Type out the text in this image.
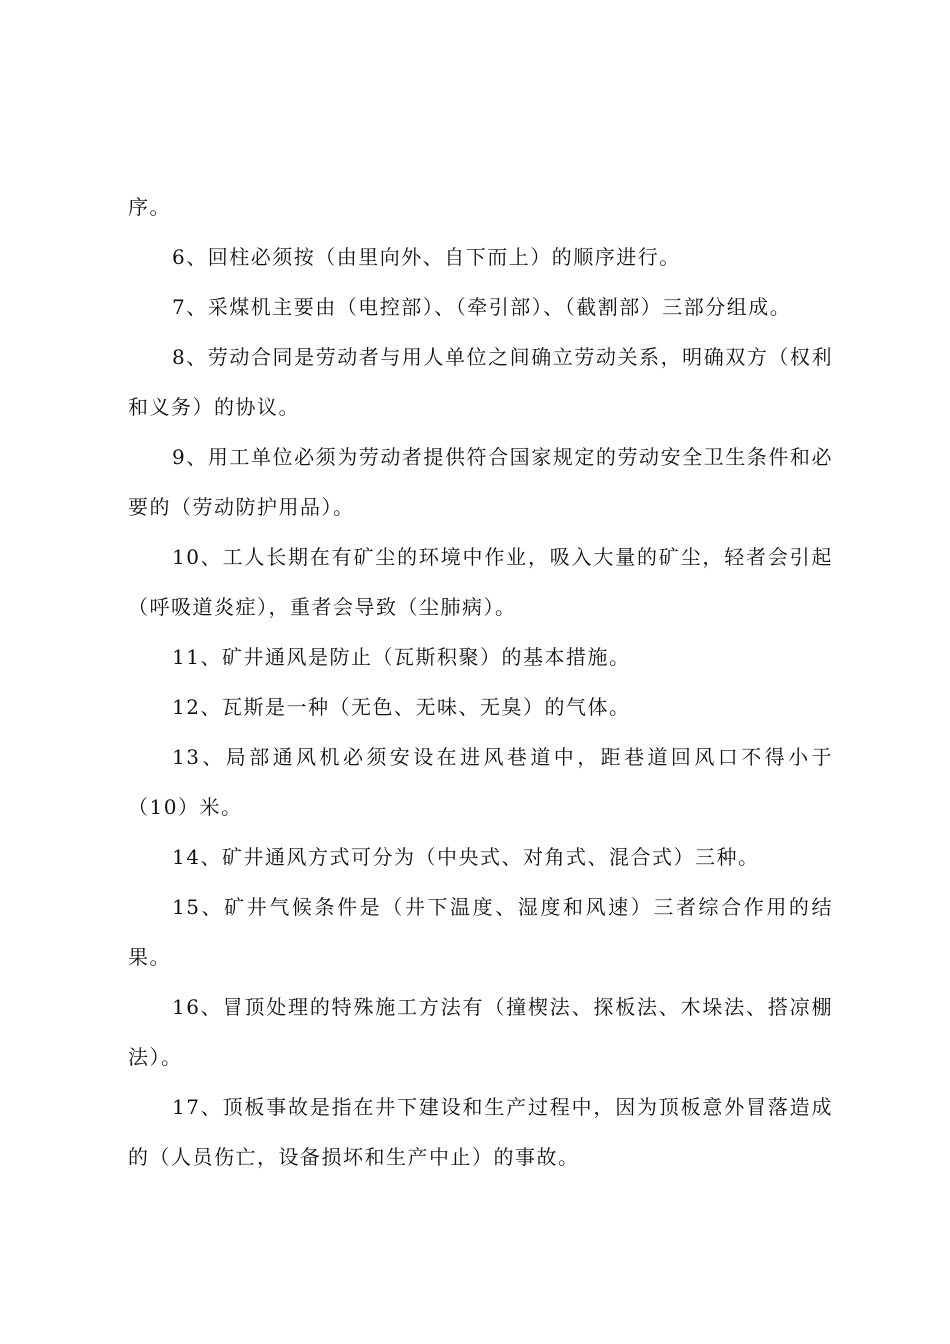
序。

6、回柱必须按（由里向外、自下而上）的顺序进行。

7、采煤机主要由（电控部）、（牵引部）、（截割部）三部分组成。

8、劳动合同是劳动者与用人单位之间确立劳动关系，明确双方（权利和义务）的协议。

9、用工单位必须为劳动者提供符合国家规定的劳动安全卫生条件和必要的（劳动防护用品）。

10、工人长期在有矿尘的环境中作业，吸入大量的矿尘，轻者会引起（呼吸道炎症），重者会导致（尘肺病）。

11、矿井通风是防止（瓦斯积聚）的基本措施。

12、瓦斯是一种（无色、无味、无臭）的气体。

13、局部通风机必须安设在进风巷道中，距巷道回风口不得小于（10）米。

14、矿井通风方式可分为（中央式、对角式、混合式）三种。

15、矿井气候条件是（井下温度、湿度和风速）三者综合作用的结果。

16、冒顶处理的特殊施工方法有（撞楔法、探板法、木垛法、搭凉棚法）。

17、顶板事故是指在井下建设和生产过程中，因为顶板意外冒落造成的（人员伤亡，设备损坏和生产中止）的事故。
